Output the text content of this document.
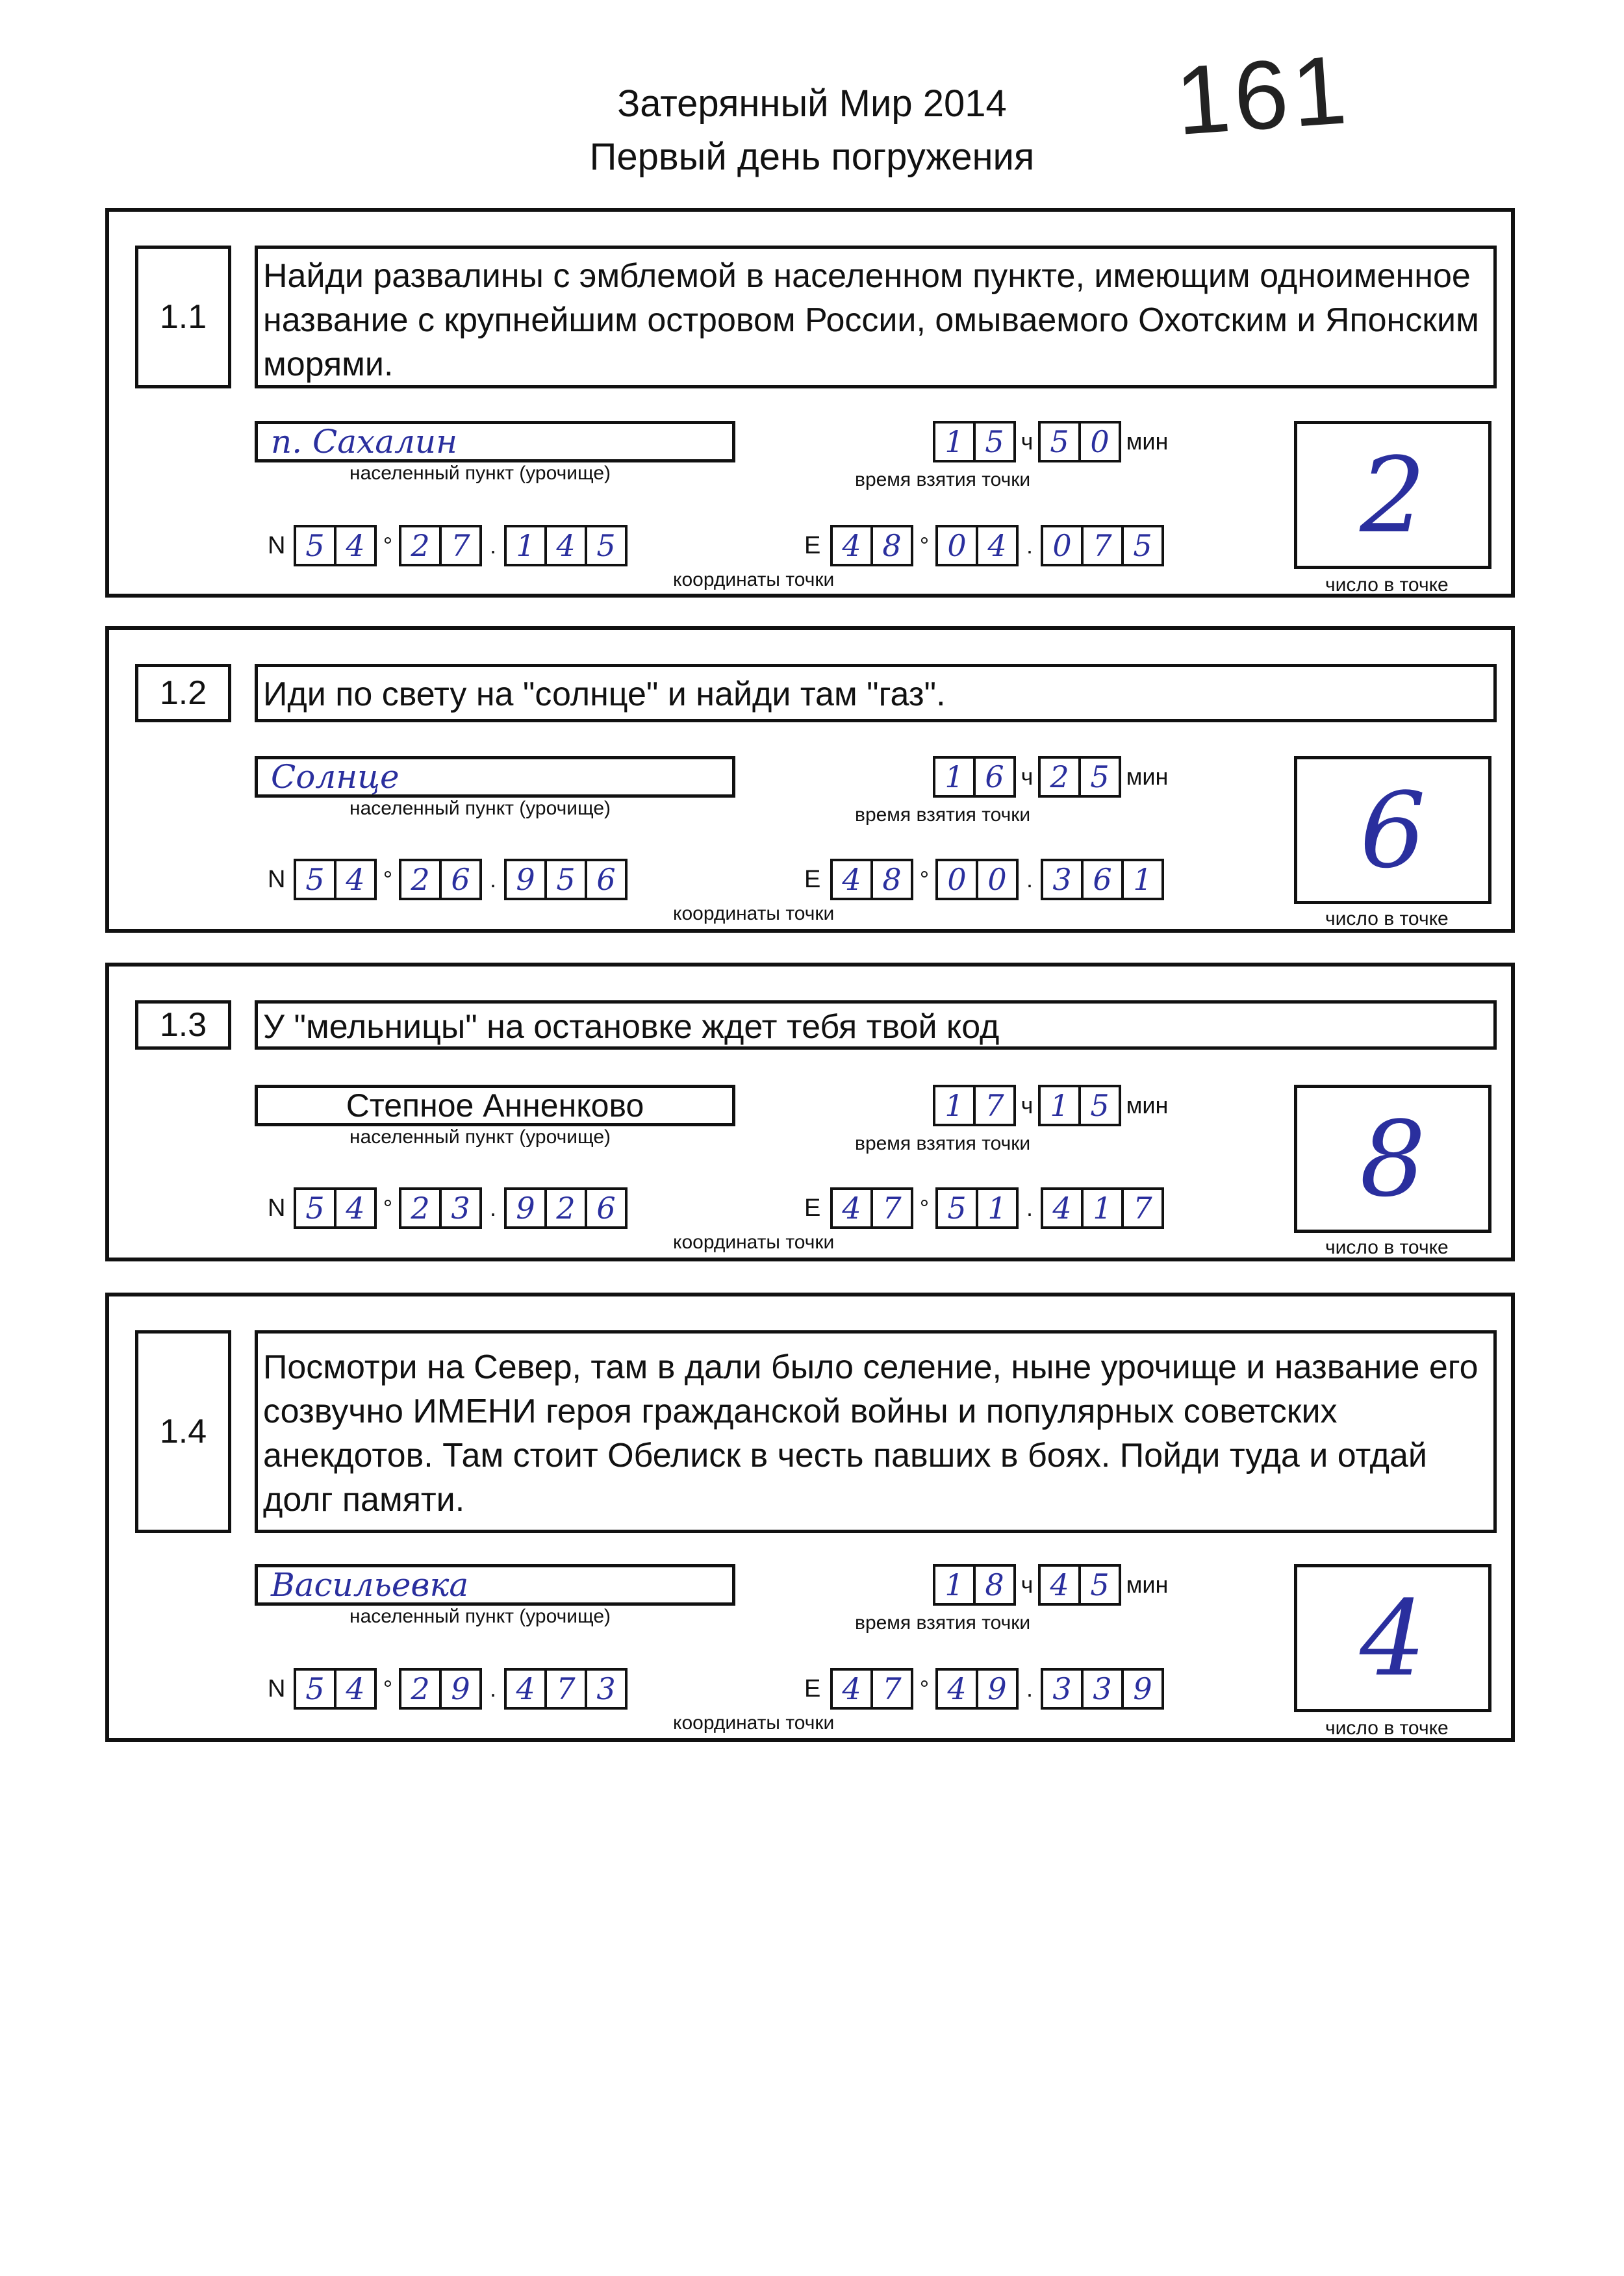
Затерянный Мир 2014
Первый день погружения
161
1.1
Найди развалины с эмблемой в населенном пункте, имеющим одноименное название с крупнейшим островом России, омываемого Охотским и Японским морями.
п. Сахалин
населенный пункт (урочище)
1 5 ч 5 0 мин
время взятия точки
N 5 4 ° 2 7 . 1 4 5	E 4 8 ° 0 4 . 0 7 5
координаты точки
2
число в точке
1.2	Иди по свету на "солнце" и найди там "газ".
Солнце
населенный пункт (урочище)
1 6 ч 2 5 мин
время взятия точки
N 5 4 ° 2 6 . 9 5 6	E 4 8 ° 0 0 . 3 6 1
координаты точки
6
число в точке
1.3	У "мельницы" на остановке ждет тебя твой код
Степное Анненково
населенный пункт (урочище)
1 7 ч 1 5 мин
время взятия точки
N 5 4 ° 2 3 . 9 2 6	E 4 7 ° 5 1 . 4 1 7
координаты точки
8
число в точке
1.4
Посмотри на Север, там в дали было селение, ныне урочище и название его созвучно ИМЕНИ героя гражданской войны и популярных советских анекдотов. Там стоит Обелиск в честь павших в боях. Пойди туда и отдай долг памяти.
Васильевка
населенный пункт (урочище)
1 8 ч 4 5 мин
время взятия точки
N 5 4 ° 2 9 . 4 7 3	E 4 7 ° 4 9 . 3 3 9
координаты точки
4
число в точке
